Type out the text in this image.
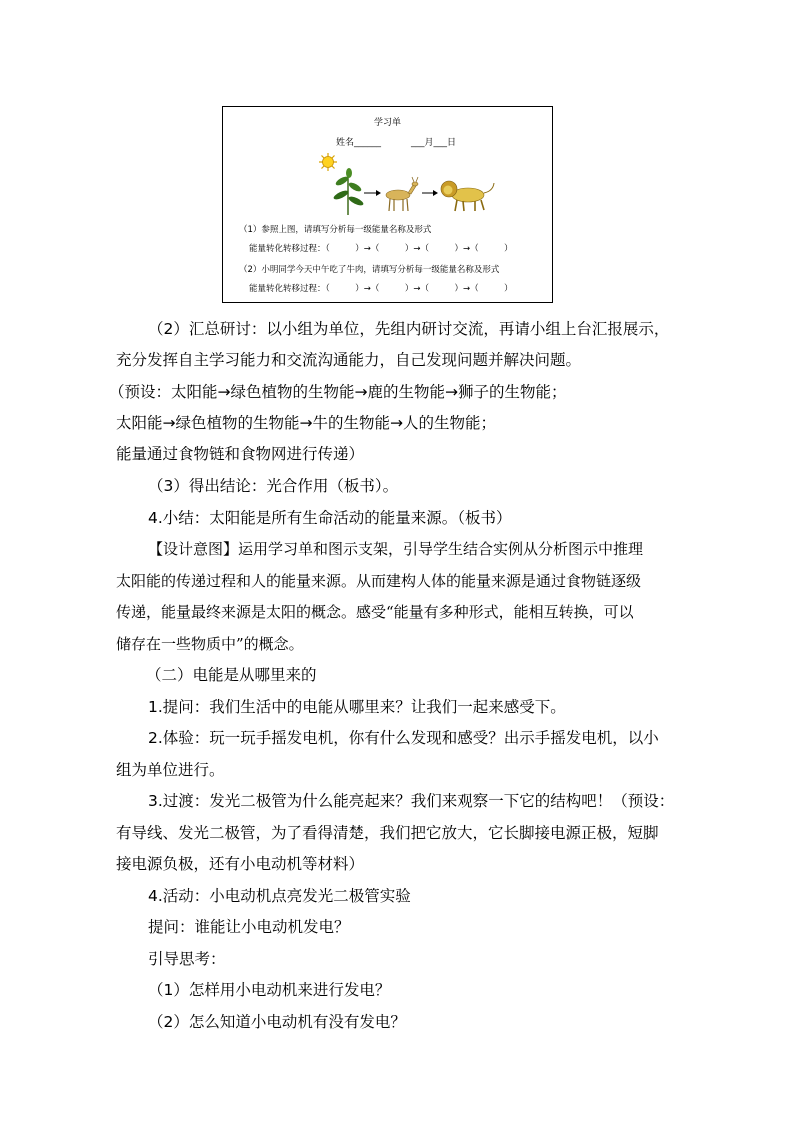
学习单
姓名______	___月___日
（1）参照上图，请填写分析每一级能量名称及形式
能量转化转移过程：（　　　）→（　　　）→（　　　）→（　　　）
（2）小明同学今天中午吃了牛肉，请填写分析每一级能量名称及形式
能量转化转移过程：（　　　）→（　　　）→（　　　）→（　　　）
（2）汇总研讨：以小组为单位，先组内研讨交流，再请小组上台汇报展示，
充分发挥自主学习能力和交流沟通能力，自己发现问题并解决问题。
（预设：太阳能→绿色植物的生物能→鹿的生物能→狮子的生物能；
太阳能→绿色植物的生物能→牛的生物能→人的生物能；
能量通过食物链和食物网进行传递）
（3）得出结论：光合作用（板书）。
4.小结：太阳能是所有生命活动的能量来源。（板书）
【设计意图】运用学习单和图示支架，引导学生结合实例从分析图示中推理
太阳能的传递过程和人的能量来源。从而建构人体的能量来源是通过食物链逐级
传递，能量最终来源是太阳的概念。感受“能量有多种形式，能相互转换，可以
储存在一些物质中”的概念。
（二）电能是从哪里来的
1.提问：我们生活中的电能从哪里来？让我们一起来感受下。
2.体验：玩一玩手摇发电机，你有什么发现和感受？出示手摇发电机，以小
组为单位进行。
3.过渡：发光二极管为什么能亮起来？我们来观察一下它的结构吧！（预设：
有导线、发光二极管，为了看得清楚，我们把它放大，它长脚接电源正极，短脚
接电源负极，还有小电动机等材料）
4.活动：小电动机点亮发光二极管实验
提问：谁能让小电动机发电？
引导思考：
（1）怎样用小电动机来进行发电？
（2）怎么知道小电动机有没有发电？
